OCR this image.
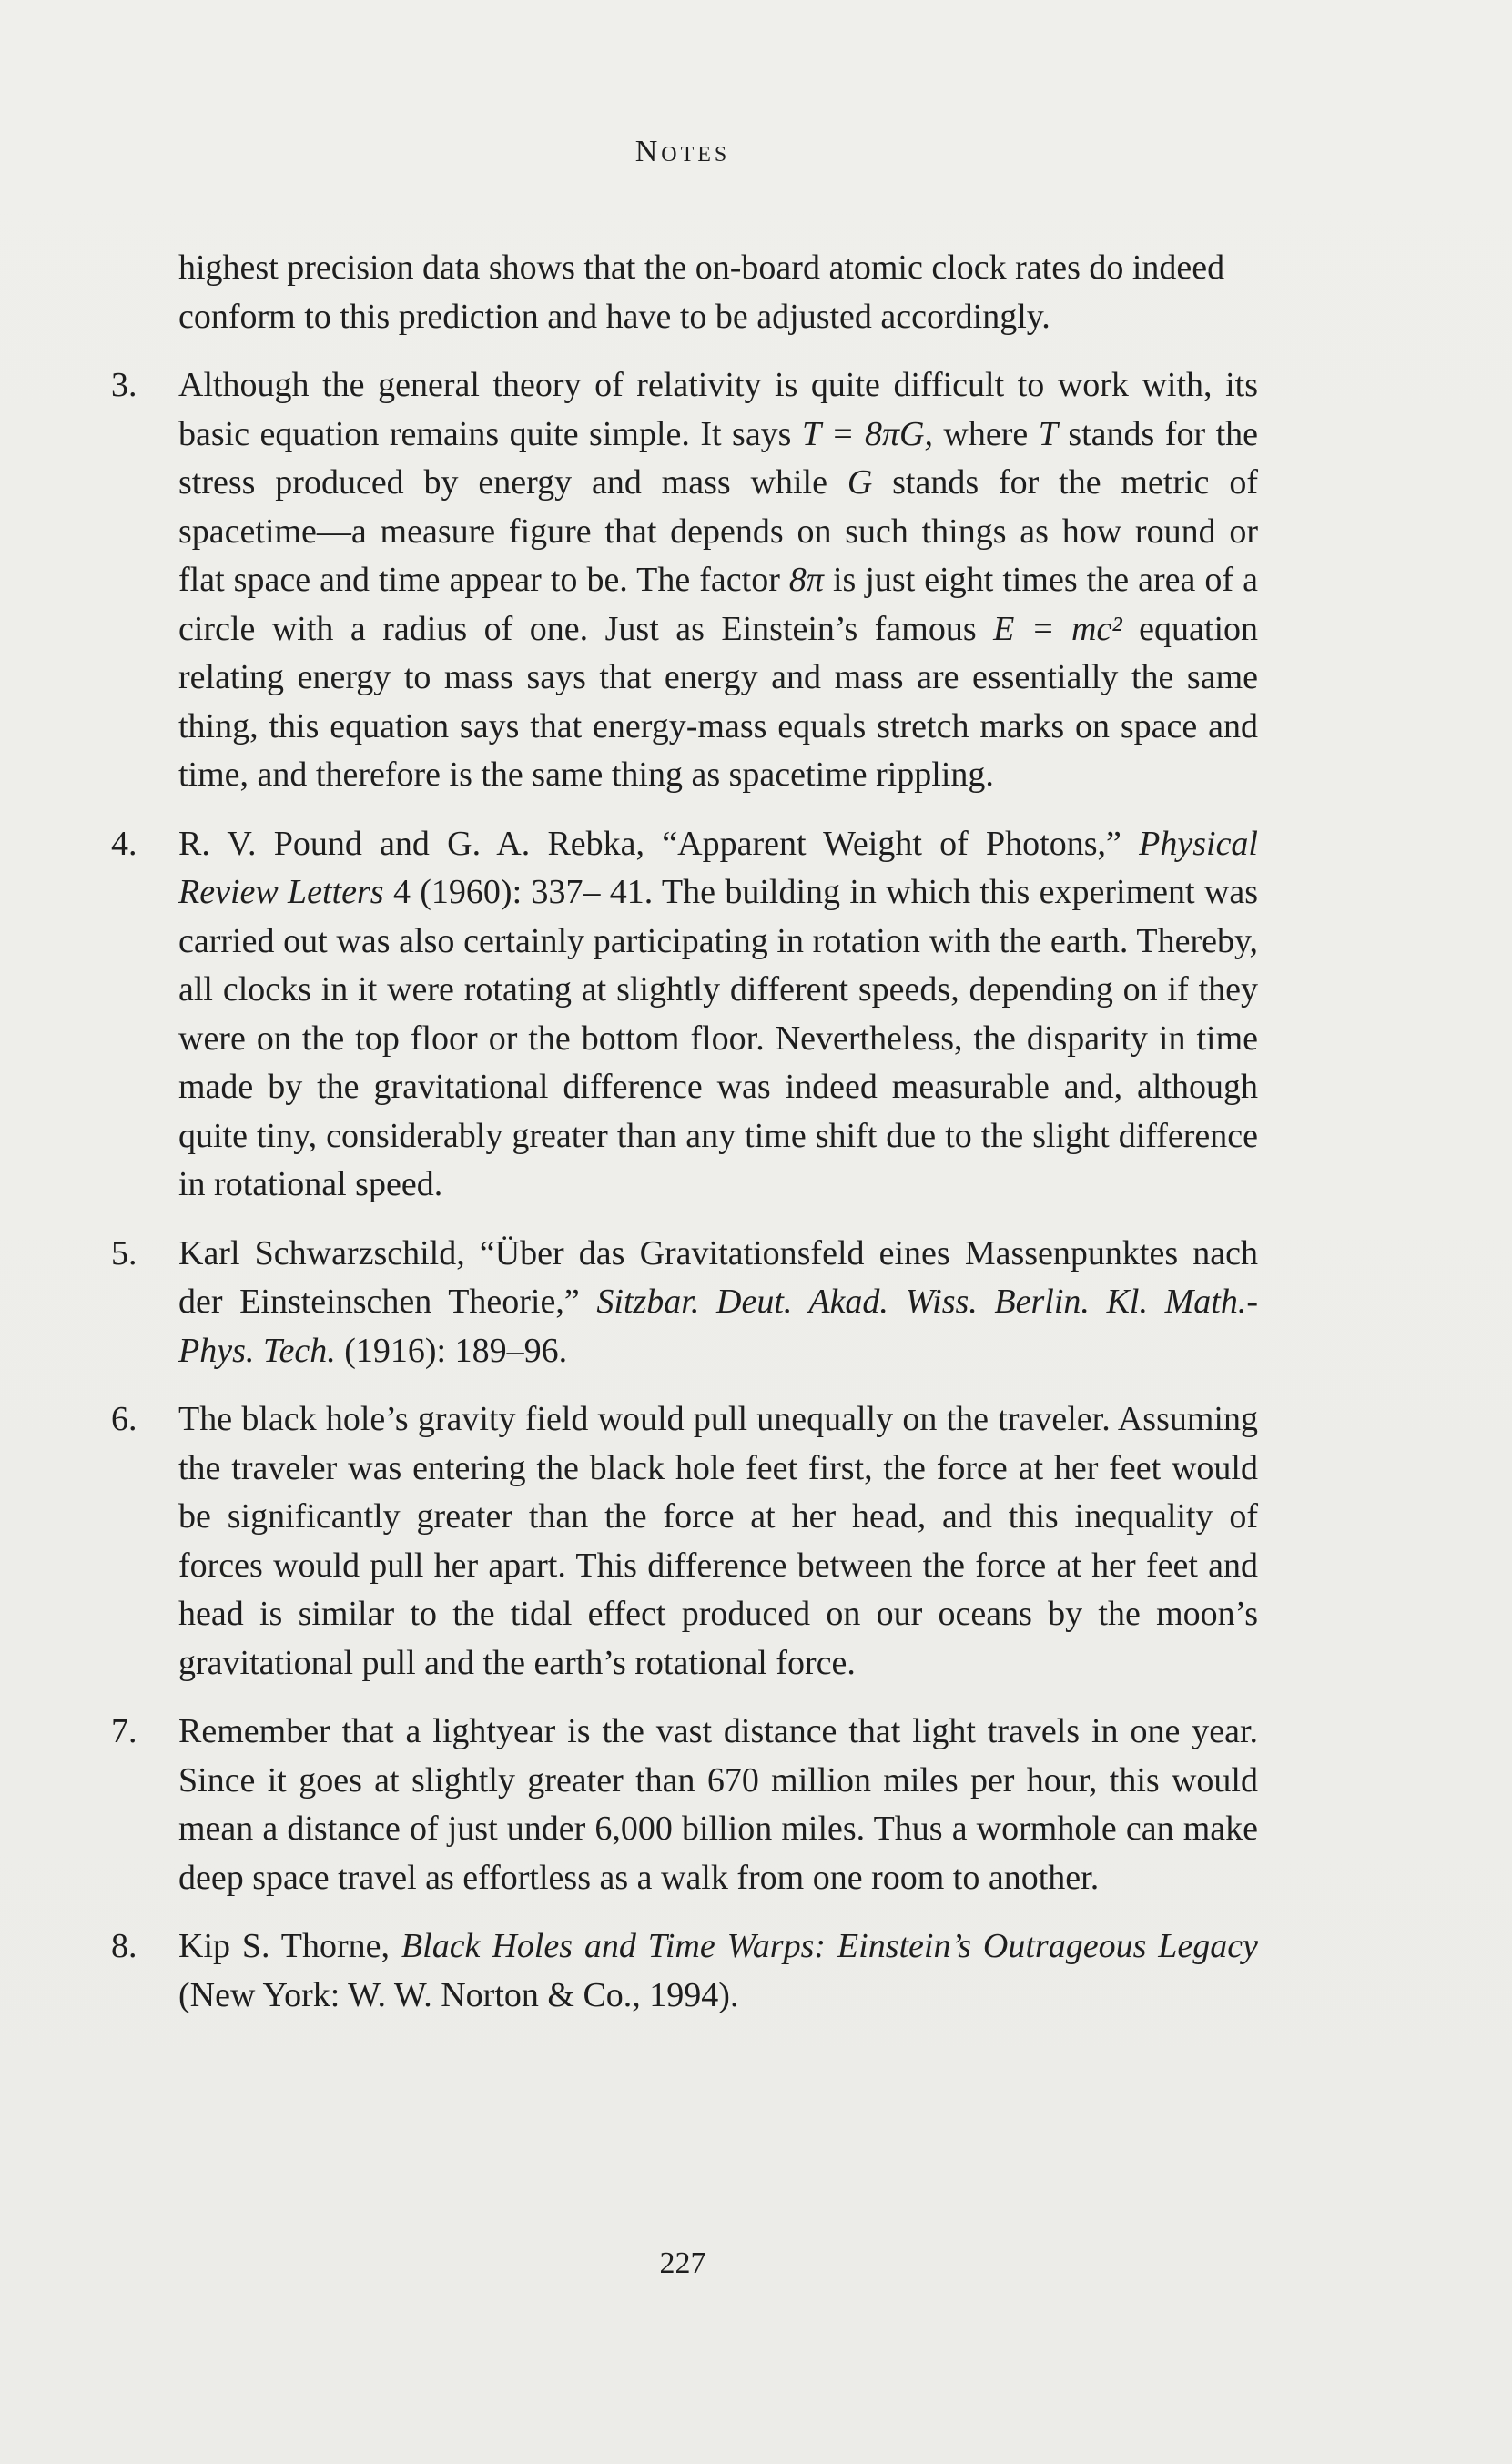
Notes
highest precision data shows that the on-board atomic clock rates do indeed conform to this prediction and have to be adjusted accordingly.
3. Although the general theory of relativity is quite difficult to work with, its basic equation remains quite simple. It says T = 8πG, where T stands for the stress produced by energy and mass while G stands for the metric of spacetime—a measure figure that depends on such things as how round or flat space and time appear to be. The factor 8π is just eight times the area of a circle with a radius of one. Just as Einstein’s famous E = mc² equation relating energy to mass says that energy and mass are essentially the same thing, this equation says that energy-mass equals stretch marks on space and time, and therefore is the same thing as spacetime rippling.
4. R. V. Pound and G. A. Rebka, “Apparent Weight of Photons,” Physical Review Letters 4 (1960): 337– 41. The building in which this experiment was carried out was also certainly participating in rotation with the earth. Thereby, all clocks in it were rotating at slightly different speeds, depending on if they were on the top floor or the bottom floor. Nevertheless, the disparity in time made by the gravitational difference was indeed measurable and, although quite tiny, considerably greater than any time shift due to the slight difference in rotational speed.
5. Karl Schwarzschild, “Über das Gravitationsfeld eines Massenpunktes nach der Einsteinschen Theorie,” Sitzbar. Deut. Akad. Wiss. Berlin. Kl. Math.- Phys. Tech. (1916): 189–96.
6. The black hole’s gravity field would pull unequally on the traveler. Assuming the traveler was entering the black hole feet first, the force at her feet would be significantly greater than the force at her head, and this inequality of forces would pull her apart. This difference between the force at her feet and head is similar to the tidal effect produced on our oceans by the moon’s gravitational pull and the earth’s rotational force.
7. Remember that a lightyear is the vast distance that light travels in one year. Since it goes at slightly greater than 670 million miles per hour, this would mean a distance of just under 6,000 billion miles. Thus a wormhole can make deep space travel as effortless as a walk from one room to another.
8. Kip S. Thorne, Black Holes and Time Warps: Einstein’s Outrageous Legacy (New York: W. W. Norton & Co., 1994).
227
